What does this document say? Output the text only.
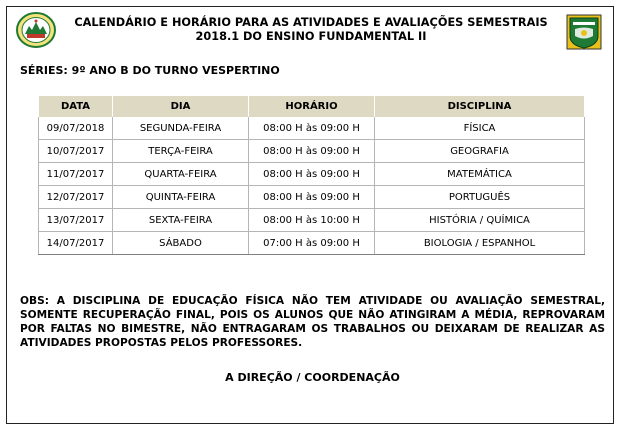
CALENDÁRIO E HORÁRIO PARA AS ATIVIDADES E AVALIAÇÕES SEMESTRAIS
2018.1 DO ENSINO FUNDAMENTAL II
SÉRIES: 9º ANO B DO TURNO VESPERTINO
DATA	DIA	HORÁRIO	DISCIPLINA
09/07/2018	SEGUNDA-FEIRA	08:00 H às 09:00 H	FÍSICA
10/07/2017	TERÇA-FEIRA	08:00 H às 09:00 H	GEOGRAFIA
11/07/2017	QUARTA-FEIRA	08:00 H às 09:00 H	MATEMÁTICA
12/07/2017	QUINTA-FEIRA	08:00 H às 09:00 H	PORTUGUÊS
13/07/2017	SEXTA-FEIRA	08:00 H às 10:00 H	HISTÓRIA / QUÍMICA
14/07/2017	SÁBADO	07:00 H às 09:00 H	BIOLOGIA / ESPANHOL
OBS: A DISCIPLINA DE EDUCAÇÃO FÍSICA NÃO TEM ATIVIDADE OU AVALIAÇÃO SEMESTRAL, SOMENTE RECUPERAÇÃO FINAL, POIS OS ALUNOS QUE NÃO ATINGIRAM A MÉDIA, REPROVARAM POR FALTAS NO BIMESTRE, NÃO ENTRAGARAM OS TRABALHOS OU DEIXARAM DE REALIZAR AS ATIVIDADES PROPOSTAS PELOS PROFESSORES.
A DIREÇÃO / COORDENAÇÃO
